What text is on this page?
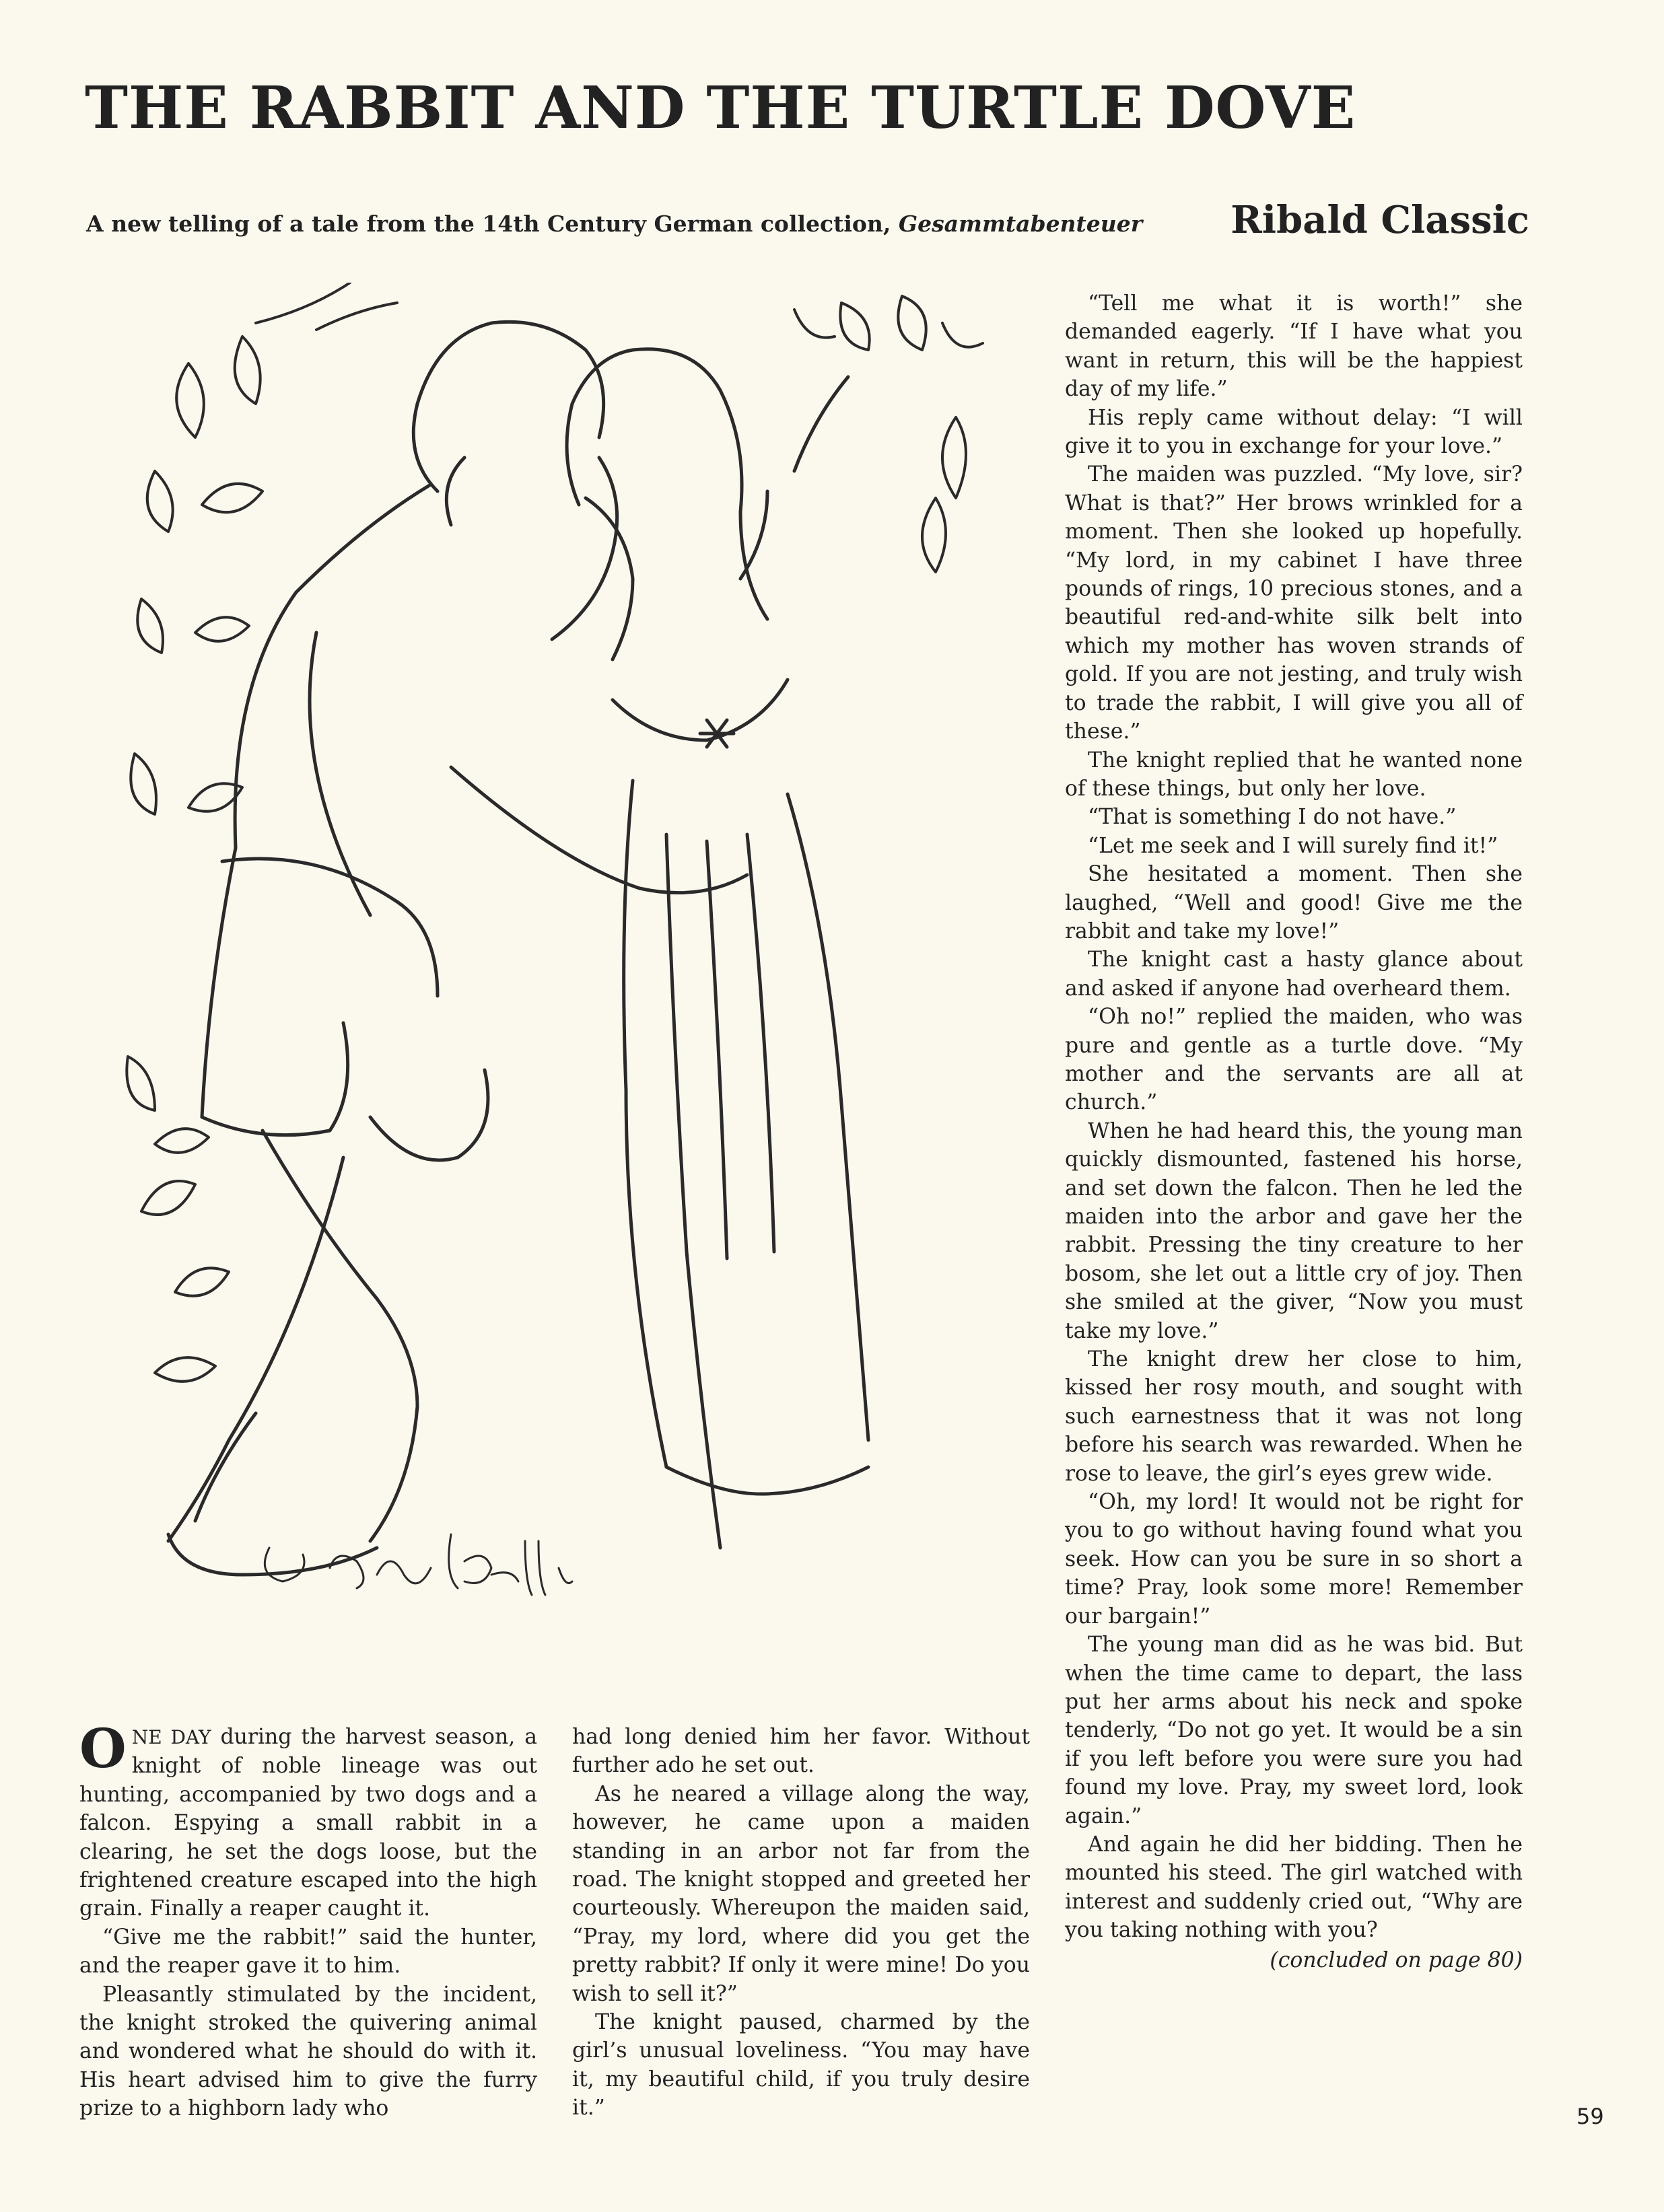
THE RABBIT AND THE TURTLE DOVE
A new telling of a tale from the 14th Century German collection, Gesammtabenteuer Ribald Classic

ONE DAY during the harvest season, a knight of noble lineage was out hunting, accompanied by two dogs and a falcon. Espying a small rabbit in a clearing, he set the dogs loose, but the frightened creature escaped into the high grain. Finally a reaper caught it.

“Give me the rabbit!” said the hunter, and the reaper gave it to him.

Pleasantly stimulated by the incident, the knight stroked the quivering animal and wondered what he should do with it. His heart advised him to give the furry prize to a highborn lady who

had long denied him her favor. Without further ado he set out.

As he neared a village along the way, however, he came upon a maiden standing in an arbor not far from the road. The knight stopped and greeted her courteously. Whereupon the maiden said, “Pray, my lord, where did you get the pretty rabbit? If only it were mine! Do you wish to sell it?”

The knight paused, charmed by the girl’s unusual loveliness. “You may have it, my beautiful child, if you truly desire it.”

“Tell me what it is worth!” she demanded eagerly. “If I have what you want in return, this will be the happiest day of my life.”

His reply came without delay: “I will give it to you in exchange for your love.”

The maiden was puzzled. “My love, sir? What is that?” Her brows wrinkled for a moment. Then she looked up hopefully. “My lord, in my cabinet I have three pounds of rings, 10 precious stones, and a beautiful red-and-white silk belt into which my mother has woven strands of gold. If you are not jesting, and truly wish to trade the rabbit, I will give you all of these.”

The knight replied that he wanted none of these things, but only her love.

“That is something I do not have.”

“Let me seek and I will surely find it!”

She hesitated a moment. Then she laughed, “Well and good! Give me the rabbit and take my love!”

The knight cast a hasty glance about and asked if anyone had overheard them.

“Oh no!” replied the maiden, who was pure and gentle as a turtle dove. “My mother and the servants are all at church.”

When he had heard this, the young man quickly dismounted, fastened his horse, and set down the falcon. Then he led the maiden into the arbor and gave her the rabbit. Pressing the tiny creature to her bosom, she let out a little cry of joy. Then she smiled at the giver, “Now you must take my love.”

The knight drew her close to him, kissed her rosy mouth, and sought with such earnestness that it was not long before his search was rewarded. When he rose to leave, the girl’s eyes grew wide.

“Oh, my lord! It would not be right for you to go without having found what you seek. How can you be sure in so short a time? Pray, look some more! Remember our bargain!”

The young man did as he was bid. But when the time came to depart, the lass put her arms about his neck and spoke tenderly, “Do not go yet. It would be a sin if you left before you were sure you had found my love. Pray, my sweet lord, look again.”

And again he did her bidding. Then he mounted his steed. The girl watched with interest and suddenly cried out, “Why are you taking nothing with you?

(concluded on page 80)

59
